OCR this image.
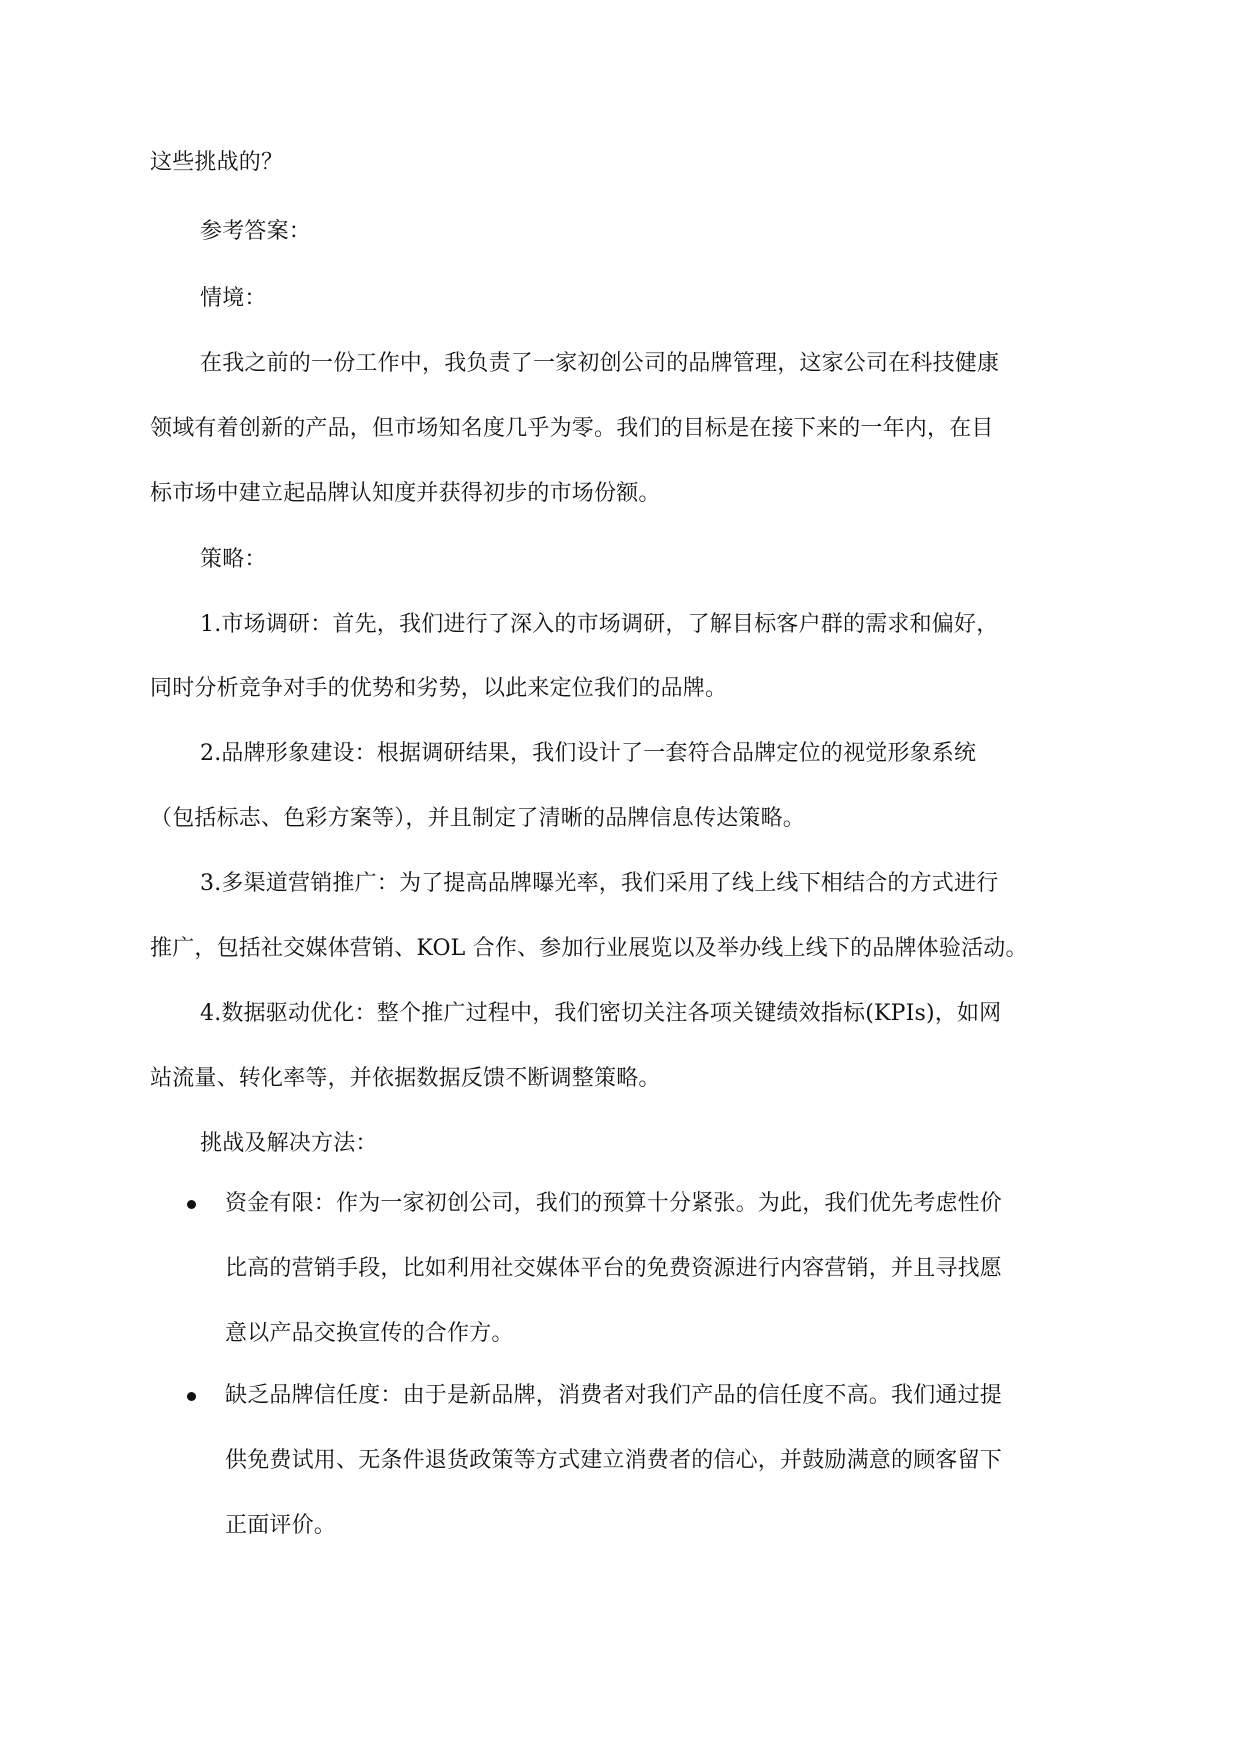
这些挑战的？
参考答案：
情境：
在我之前的一份工作中，我负责了一家初创公司的品牌管理，这家公司在科技健康
领域有着创新的产品，但市场知名度几乎为零。我们的目标是在接下来的一年内，在目
标市场中建立起品牌认知度并获得初步的市场份额。
策略：
1.市场调研：首先，我们进行了深入的市场调研，了解目标客户群的需求和偏好，
同时分析竞争对手的优势和劣势，以此来定位我们的品牌。
2.品牌形象建设：根据调研结果，我们设计了一套符合品牌定位的视觉形象系统
（包括标志、色彩方案等），并且制定了清晰的品牌信息传达策略。
3.多渠道营销推广：为了提高品牌曝光率，我们采用了线上线下相结合的方式进行
推广，包括社交媒体营销、KOL 合作、参加行业展览以及举办线上线下的品牌体验活动。
4.数据驱动优化：整个推广过程中，我们密切关注各项关键绩效指标(KPIs)，如网
站流量、转化率等，并依据数据反馈不断调整策略。
挑战及解决方法：
资金有限：作为一家初创公司，我们的预算十分紧张。为此，我们优先考虑性价
比高的营销手段，比如利用社交媒体平台的免费资源进行内容营销，并且寻找愿
意以产品交换宣传的合作方。
缺乏品牌信任度：由于是新品牌，消费者对我们产品的信任度不高。我们通过提
供免费试用、无条件退货政策等方式建立消费者的信心，并鼓励满意的顾客留下
正面评价。
